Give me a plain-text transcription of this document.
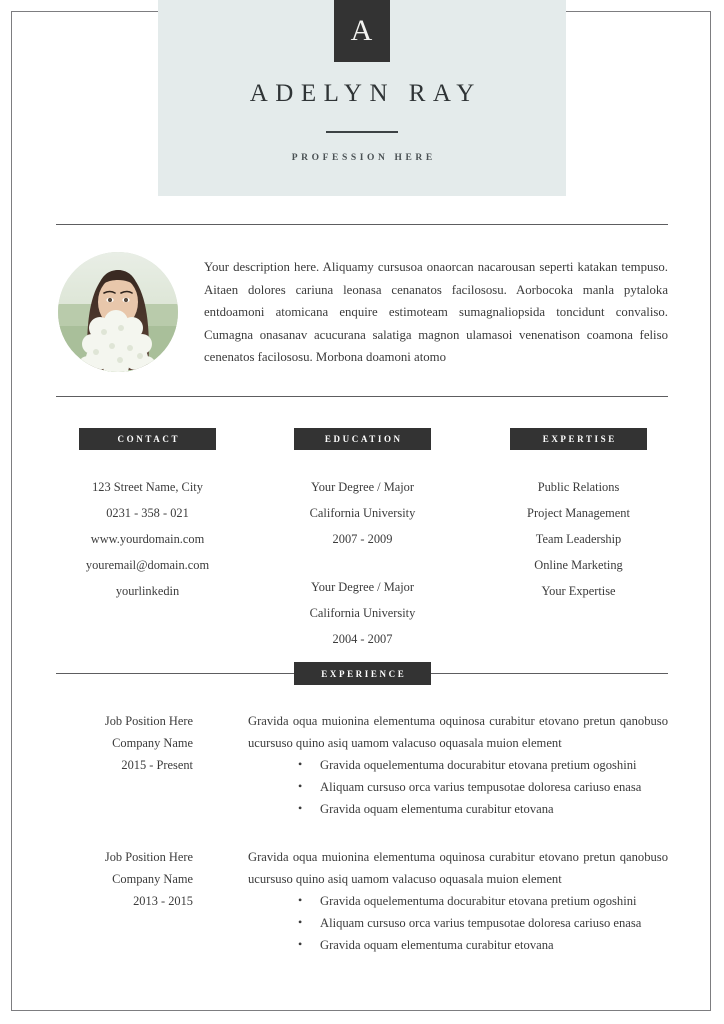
A
ADELYN RAY
PROFESSION HERE
Your description here. Aliquamy cursusoa onaorcan nacarousan seperti katakan tempuso. Aitaen dolores cariuna leonasa cenanatos facilososu. Aorbocoka manla pytaloka entdoamoni atomicana enquire estimoteam sumagnaliopsida toncidunt convaliso. Cumagna onasanav acucurana salatiga magnon ulamasoi venenatison coamona feliso cenenatos facilososu. Morbona doamoni atomo
CONTACT
123 Street Name, City
0231 - 358 - 021
www.yourdomain.com
youremail@domain.com
yourlinkedin
EDUCATION
Your Degree / Major
California University
2007 - 2009
Your Degree / Major
California University
2004 - 2007
EXPERTISE
Public Relations
Project Management
Team Leadership
Online Marketing
Your Expertise
EXPERIENCE
Job Position Here
Company Name
2015 - Present
Gravida oqua muionina elementuma oquinosa curabitur etovano pretun qanobuso ucursuso quino asiq uamom valacuso oquasala muion element
• Gravida oquelementuma docurabitur etovana pretium ogoshini
• Aliquam cursuso orca varius tempusotae doloresa cariuso enasa
• Gravida oquam elementuma curabitur etovana
Job Position Here
Company Name
2013 - 2015
Gravida oqua muionina elementuma oquinosa curabitur etovano pretun qanobuso ucursuso quino asiq uamom valacuso oquasala muion element
• Gravida oquelementuma docurabitur etovana pretium ogoshini
• Aliquam cursuso orca varius tempusotae doloresa cariuso enasa
• Gravida oquam elementuma curabitur etovana
